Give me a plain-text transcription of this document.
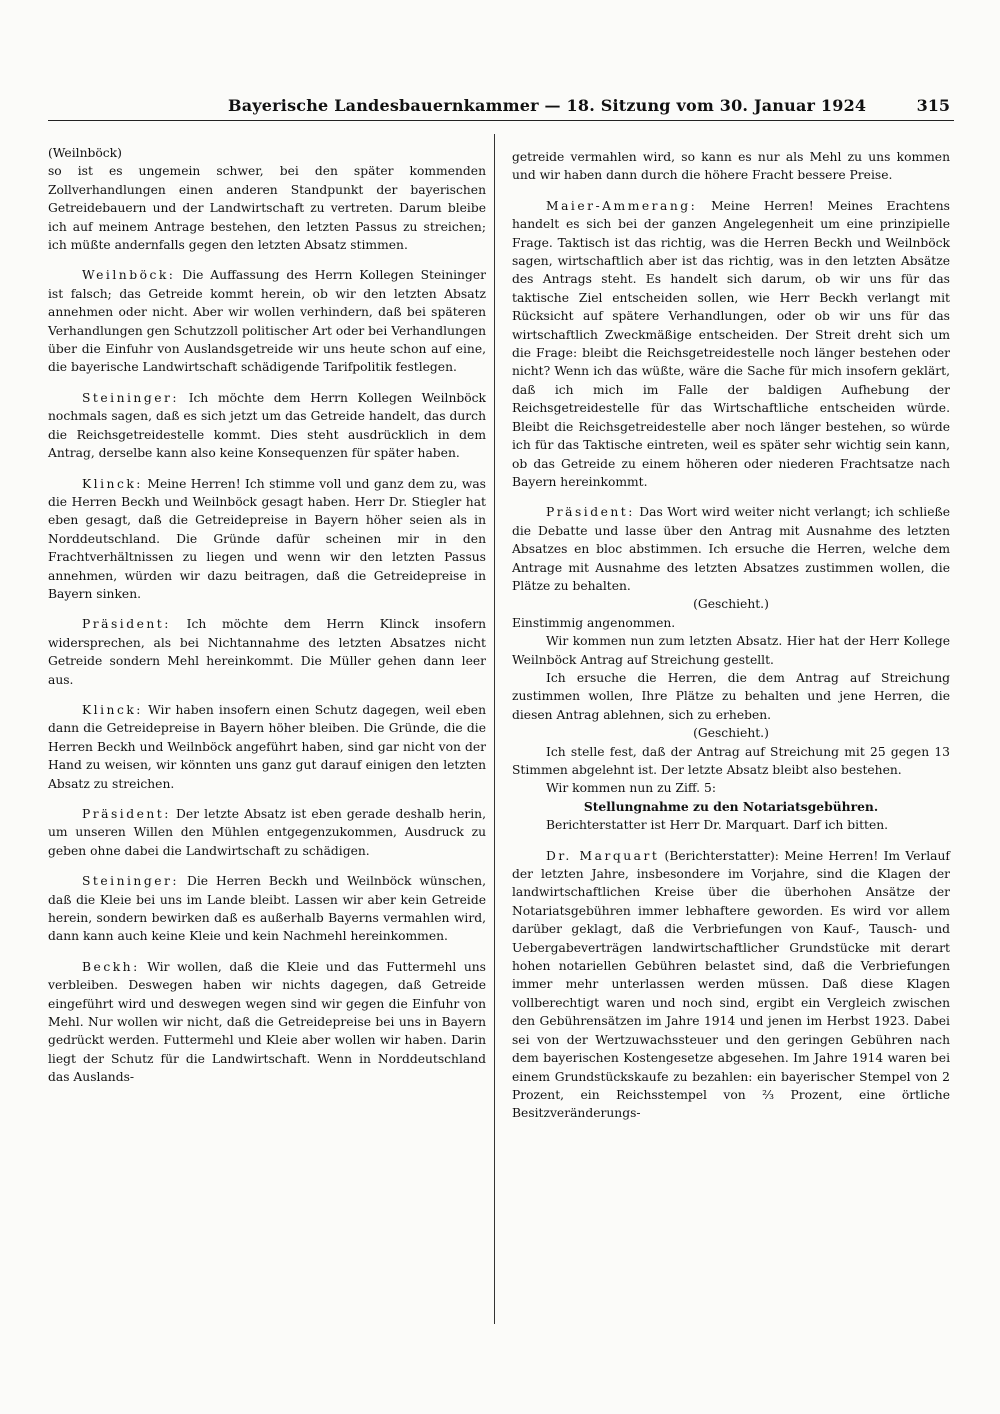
Bayerische Landesbauernkammer — 18. Sitzung vom 30. Januar 1924	315

(Weilnböck)

so ist es ungemein schwer, bei den später kommenden Zollverhandlungen einen anderen Standpunkt der bayerischen Getreidebauern und der Landwirtschaft zu vertreten. Darum bleibe ich auf meinem Antrage bestehen, den letzten Passus zu streichen; ich müßte andernfalls gegen den letzten Absatz stimmen.

Weilnböck: Die Auffassung des Herrn Kollegen Steininger ist falsch; das Getreide kommt herein, ob wir den letzten Absatz annehmen oder nicht. Aber wir wollen verhindern, daß bei späteren Verhandlungen gen Schutzzoll politischer Art oder bei Verhandlungen über die Einfuhr von Auslandsgetreide wir uns heute schon auf eine, die bayerische Landwirtschaft schädigende Tarifpolitik festlegen.

Steininger: Ich möchte dem Herrn Kollegen Weilnböck nochmals sagen, daß es sich jetzt um das Getreide handelt, das durch die Reichsgetreidestelle kommt. Dies steht ausdrücklich in dem Antrag, derselbe kann also keine Konsequenzen für später haben.

Klinck: Meine Herren! Ich stimme voll und ganz dem zu, was die Herren Beckh und Weilnböck gesagt haben. Herr Dr. Stiegler hat eben gesagt, daß die Getreidepreise in Bayern höher seien als in Norddeutschland. Die Gründe dafür scheinen mir in den Frachtverhältnissen zu liegen und wenn wir den letzten Passus annehmen, würden wir dazu beitragen, daß die Getreidepreise in Bayern sinken.

Präsident: Ich möchte dem Herrn Klinck insofern widersprechen, als bei Nichtannahme des letzten Absatzes nicht Getreide sondern Mehl hereinkommt. Die Müller gehen dann leer aus.

Klinck: Wir haben insofern einen Schutz dagegen, weil eben dann die Getreidepreise in Bayern höher bleiben. Die Gründe, die die Herren Beckh und Weilnböck angeführt haben, sind gar nicht von der Hand zu weisen, wir könnten uns ganz gut darauf einigen den letzten Absatz zu streichen.

Präsident: Der letzte Absatz ist eben gerade deshalb herin, um unseren Willen den Mühlen entgegenzukommen, Ausdruck zu geben ohne dabei die Landwirtschaft zu schädigen.

Steininger: Die Herren Beckh und Weilnböck wünschen, daß die Kleie bei uns im Lande bleibt. Lassen wir aber kein Getreide herein, sondern bewirken daß es außerhalb Bayerns vermahlen wird, dann kann auch keine Kleie und kein Nachmehl hereinkommen.

Beckh: Wir wollen, daß die Kleie und das Futtermehl uns verbleiben. Deswegen haben wir nichts dagegen, daß Getreide eingeführt wird und deswegen wegen sind wir gegen die Einfuhr von Mehl. Nur wollen wir nicht, daß die Getreidepreise bei uns in Bayern gedrückt werden. Futtermehl und Kleie aber wollen wir haben. Darin liegt der Schutz für die Landwirtschaft. Wenn in Norddeutschland das Auslands-

getreide vermahlen wird, so kann es nur als Mehl zu uns kommen und wir haben dann durch die höhere Fracht bessere Preise.

Maier-Ammerang: Meine Herren! Meines Erachtens handelt es sich bei der ganzen Angelegenheit um eine prinzipielle Frage. Taktisch ist das richtig, was die Herren Beckh und Weilnböck sagen, wirtschaftlich aber ist das richtig, was in den letzten Absätze des Antrags steht. Es handelt sich darum, ob wir uns für das taktische Ziel entscheiden sollen, wie Herr Beckh verlangt mit Rücksicht auf spätere Verhandlungen, oder ob wir uns für das wirtschaftlich Zweckmäßige entscheiden. Der Streit dreht sich um die Frage: bleibt die Reichsgetreidestelle noch länger bestehen oder nicht? Wenn ich das wüßte, wäre die Sache für mich insofern geklärt, daß ich mich im Falle der baldigen Aufhebung der Reichsgetreidestelle für das Wirtschaftliche entscheiden würde. Bleibt die Reichsgetreidestelle aber noch länger bestehen, so würde ich für das Taktische eintreten, weil es später sehr wichtig sein kann, ob das Getreide zu einem höheren oder niederen Frachtsatze nach Bayern hereinkommt.

Präsident: Das Wort wird weiter nicht verlangt; ich schließe die Debatte und lasse über den Antrag mit Ausnahme des letzten Absatzes en bloc abstimmen. Ich ersuche die Herren, welche dem Antrage mit Ausnahme des letzten Absatzes zustimmen wollen, die Plätze zu behalten.

(Geschieht.)

Einstimmig angenommen.

Wir kommen nun zum letzten Absatz. Hier hat der Herr Kollege Weilnböck Antrag auf Streichung gestellt.

Ich ersuche die Herren, die dem Antrag auf Streichung zustimmen wollen, Ihre Plätze zu behalten und jene Herren, die diesen Antrag ablehnen, sich zu erheben.

(Geschieht.)

Ich stelle fest, daß der Antrag auf Streichung mit 25 gegen 13 Stimmen abgelehnt ist. Der letzte Absatz bleibt also bestehen.

Wir kommen nun zu Ziff. 5:

Stellungnahme zu den Notariatsgebühren.

Berichterstatter ist Herr Dr. Marquart. Darf ich bitten.

Dr. Marquart (Berichterstatter): Meine Herren! Im Verlauf der letzten Jahre, insbesondere im Vorjahre, sind die Klagen der landwirtschaftlichen Kreise über die überhohen Ansätze der Notariatsgebühren immer lebhaftere geworden. Es wird vor allem darüber geklagt, daß die Verbriefungen von Kauf-, Tausch- und Uebergabeverträgen landwirtschaftlicher Grundstücke mit derart hohen notariellen Gebühren belastet sind, daß die Verbriefungen immer mehr unterlassen werden müssen. Daß diese Klagen vollberechtigt waren und noch sind, ergibt ein Vergleich zwischen den Gebührensätzen im Jahre 1914 und jenen im Herbst 1923. Dabei sei von der Wertzuwachssteuer und den geringen Gebühren nach dem bayerischen Kostengesetze abgesehen. Im Jahre 1914 waren bei einem Grundstückskaufe zu bezahlen: ein bayerischer Stempel von 2 Prozent, ein Reichsstempel von ⅔ Prozent, eine örtliche Besitzveränderungs-
